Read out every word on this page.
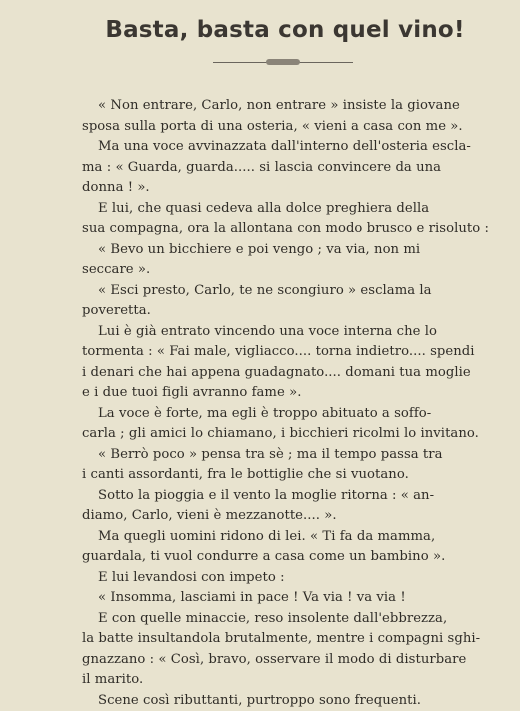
Basta, basta con quel vino!
« Non entrare, Carlo, non entrare » insiste la giovane
sposa sulla porta di una osteria, « vieni a casa con me ».
Ma una voce avvinazzata dall'interno dell'osteria escla-
ma : « Guarda, guarda..... si lascia convincere da una
donna ! ».
E lui, che quasi cedeva alla dolce preghiera della
sua compagna, ora la allontana con modo brusco e risoluto :
« Bevo un bicchiere e poi vengo ; va via, non mi
seccare ».
« Esci presto, Carlo, te ne scongiuro » esclama la
poveretta.
Lui è già entrato vincendo una voce interna che lo
tormenta : « Fai male, vigliacco.... torna indietro.... spendi
i denari che hai appena guadagnato.... domani tua moglie
e i due tuoi figli avranno fame ».
La voce è forte, ma egli è troppo abituato a soffo-
carla ; gli amici lo chiamano, i bicchieri ricolmi lo invitano.
« Berrò poco » pensa tra sè ; ma il tempo passa tra
i canti assordanti, fra le bottiglie che si vuotano.
Sotto la pioggia e il vento la moglie ritorna : « an-
diamo, Carlo, vieni è mezzanotte.... ».
Ma quegli uomini ridono di lei. « Ti fa da mamma,
guardala, ti vuol condurre a casa come un bambino ».
E lui levandosi con impeto :
« Insomma, lasciami in pace ! Va via ! va via !
E con quelle minaccie, reso insolente dall'ebbrezza,
la batte insultandola brutalmente, mentre i compagni sghi-
gnazzano : « Così, bravo, osservare il modo di disturbare
il marito.
Scene così ributtanti, purtroppo sono frequenti.
